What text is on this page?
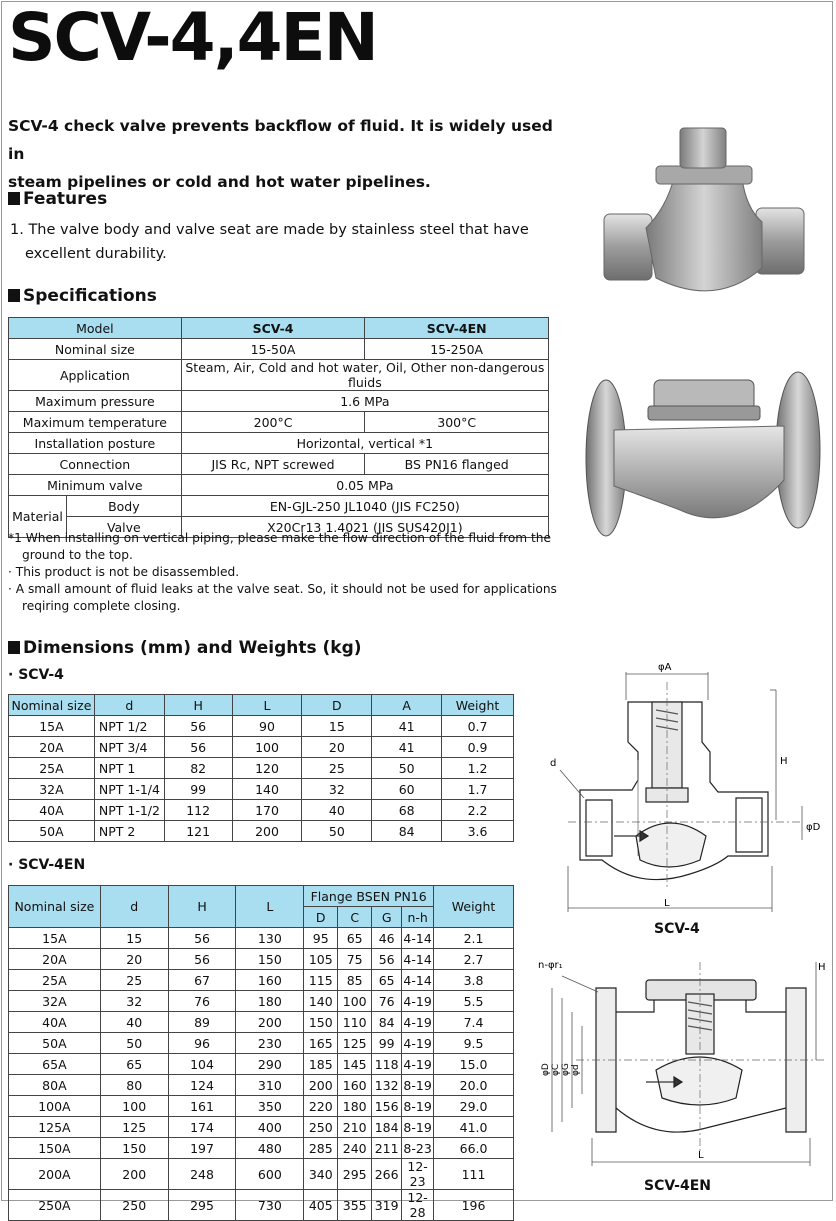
SCV-4,4EN
SCV-4 check valve prevents backflow of fluid. It is widely used in
steam pipelines or cold and hot water pipelines.
Features
1. The valve body and valve seat are made by stainless steel that have
excellent durability.
Specifications
Model		SCV-4	SCV-4EN
Nominal size		15-50A	15-250A
Application		Steam, Air, Cold and hot water, Oil, Other non-dangerous fluids	
Maximum pressure		1.6 MPa	
Maximum temperature		200°C	300°C
Installation posture		Horizontal, vertical *1	
Connection		JIS Rc, NPT screwed	BS PN16 flanged
Minimum valve		0.05 MPa	
Material	Body	EN-GJL-250 JL1040 (JIS FC250)	
	Valve	X20Cr13 1.4021 (JIS SUS420J1)	
*1 When installing on vertical piping, please make the flow direction of the fluid from the
ground to the top.
· This product is not be disassembled.
· A small amount of fluid leaks at the valve seat. So, it should not be used for applications
reqiring complete closing.
Dimensions (mm) and Weights (kg)
· SCV-4
Nominal size	d	H	L	D	A	Weight
15A	NPT 1/2	56	90	15	41	0.7
20A	NPT 3/4	56	100	20	41	0.9
25A	NPT 1	82	120	25	50	1.2
32A	NPT 1-1/4	99	140	32	60	1.7
40A	NPT 1-1/2	112	170	40	68	2.2
50A	NPT 2	121	200	50	84	3.6
· SCV-4EN
Nominal size	d	H	L	Flange BSEN PN16				Weight
				D	C	G	n-h	
15A	15	56	130	95	65	46	4-14	2.1
20A	20	56	150	105	75	56	4-14	2.7
25A	25	67	160	115	85	65	4-14	3.8
32A	32	76	180	140	100	76	4-19	5.5
40A	40	89	200	150	110	84	4-19	7.4
50A	50	96	230	165	125	99	4-19	9.5
65A	65	104	290	185	145	118	4-19	15.0
80A	80	124	310	200	160	132	8-19	20.0
100A	100	161	350	220	180	156	8-19	29.0
125A	125	174	400	250	210	184	8-19	41.0
150A	150	197	480	285	240	211	8-23	66.0
200A	200	248	600	340	295	266	12-23	111
250A	250	295	730	405	355	319	12-28	196
φA
H
d
φD
L
SCV-4
n-φr₁	H
φD φC φG φd
L
SCV-4EN
